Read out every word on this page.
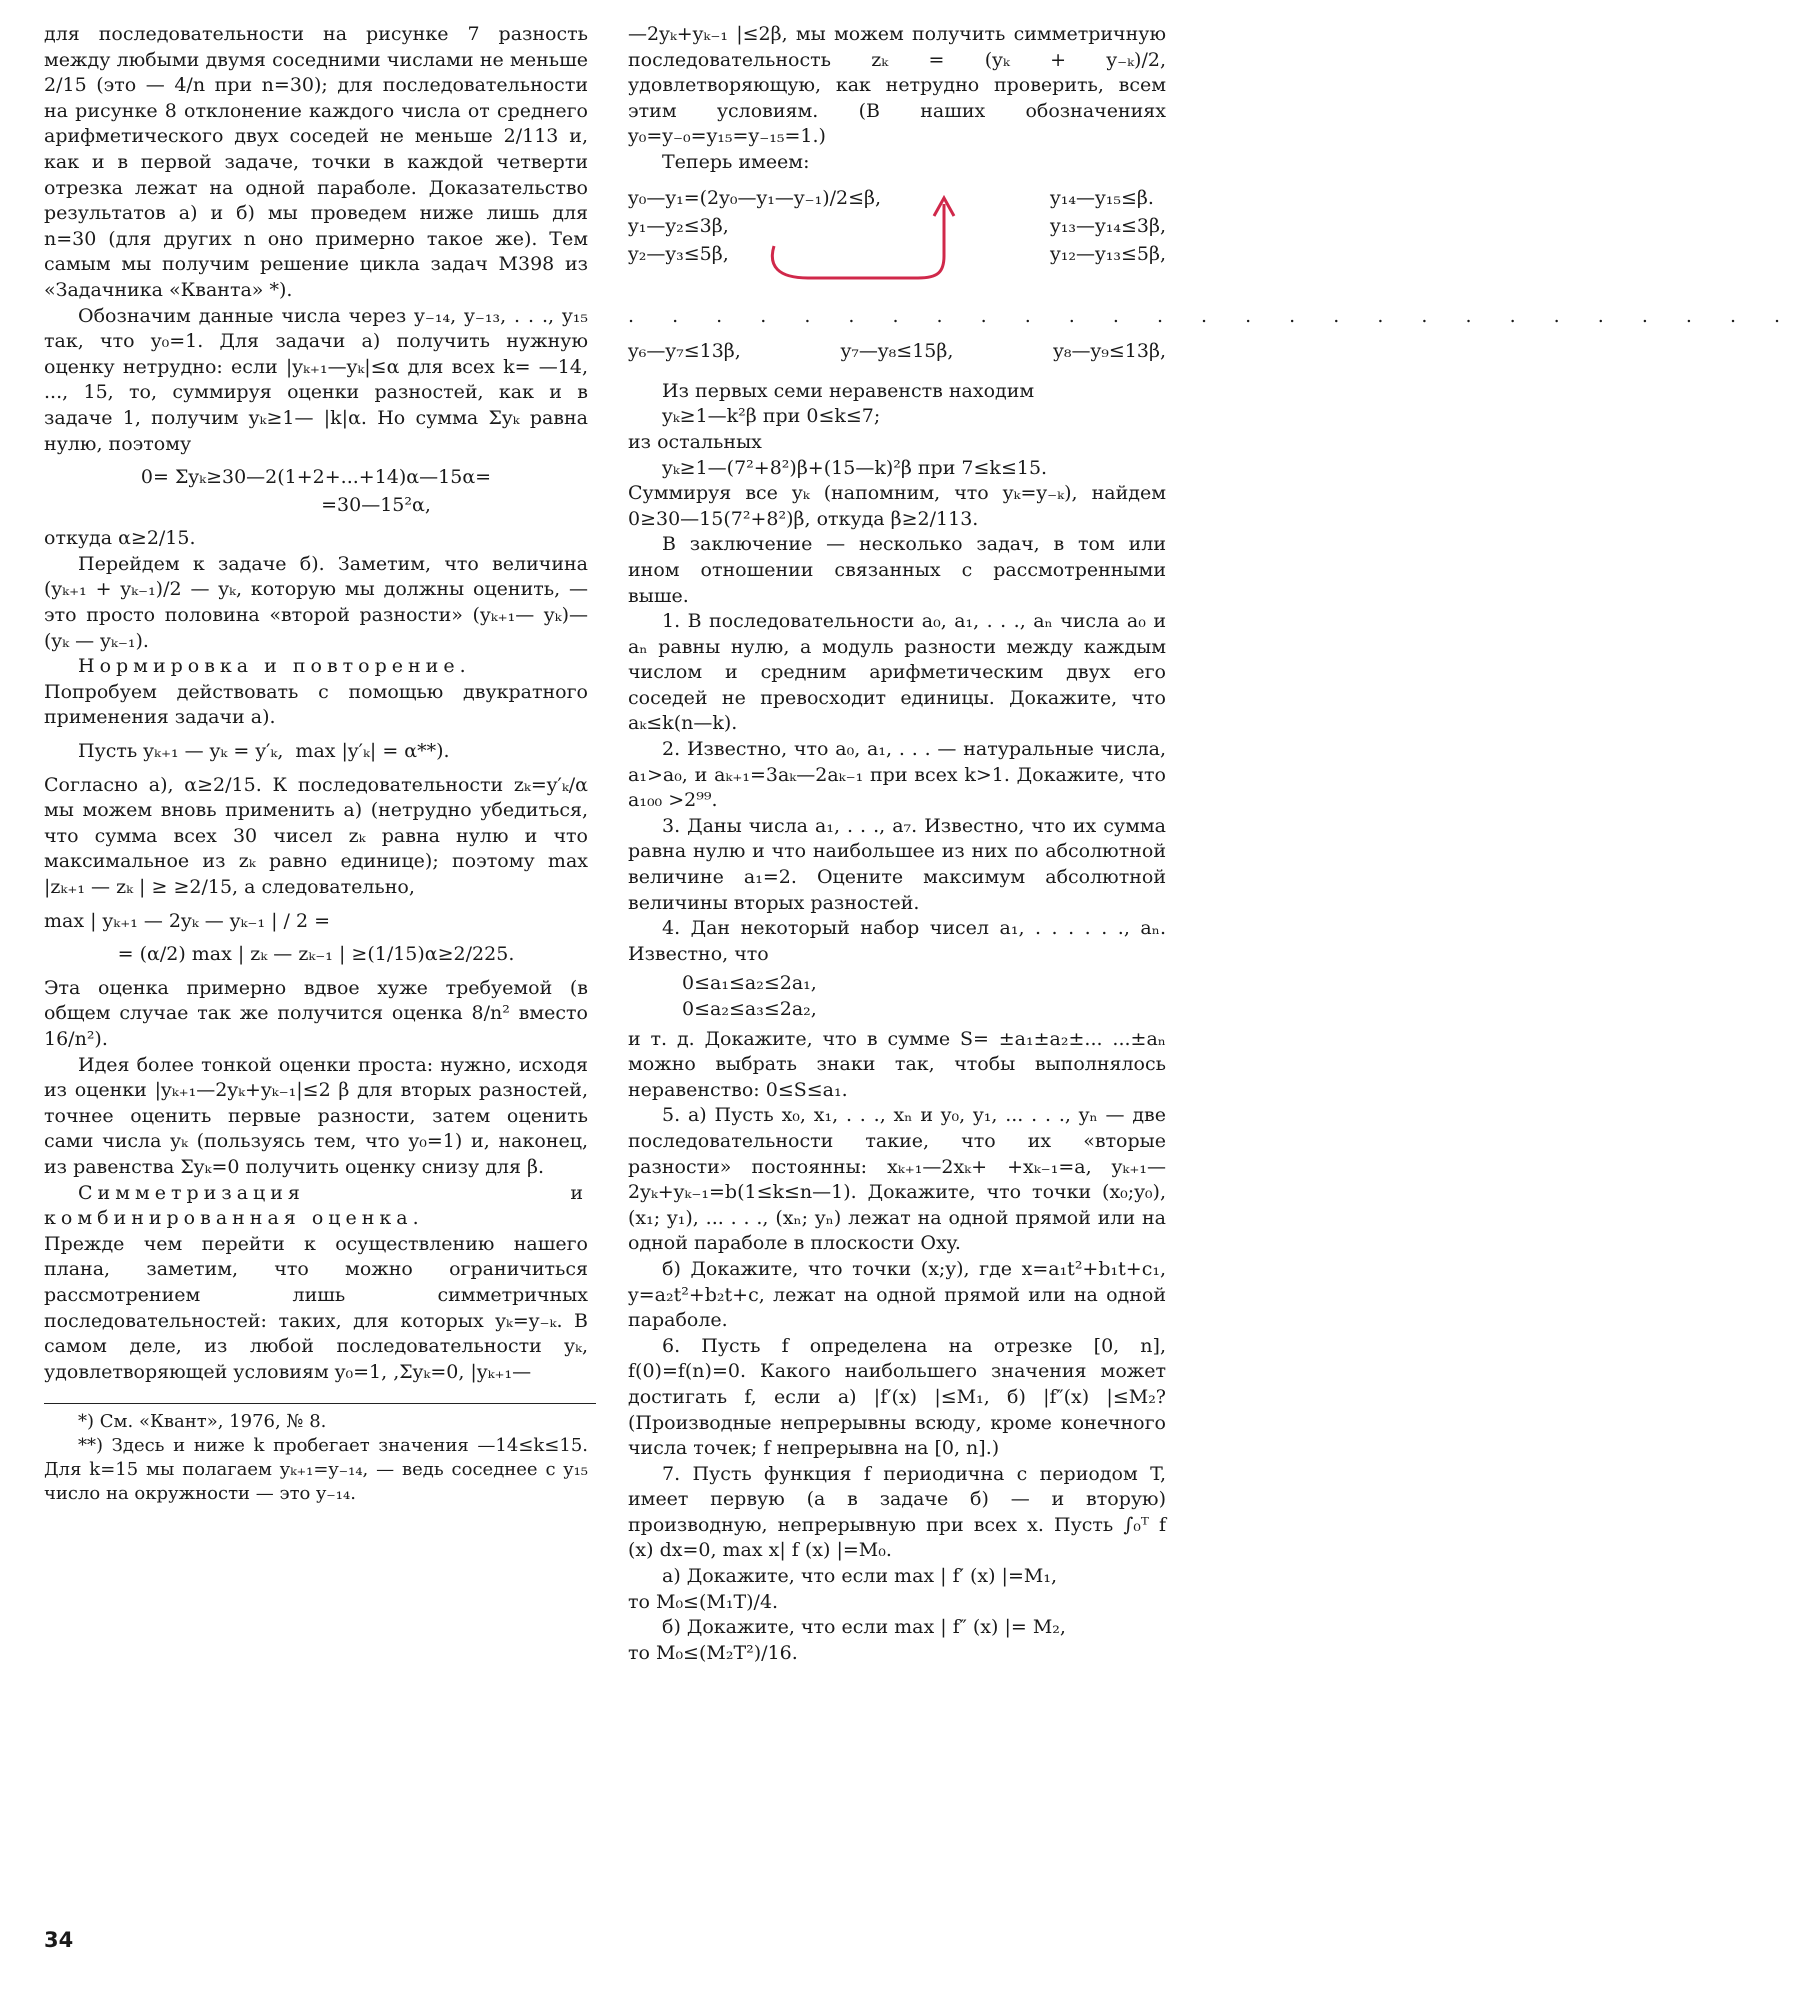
для последовательности на рисунке 7 разность между любыми двумя соседними числами не меньше 2/15 (это — 4/n при n=30); для последовательности на рисунке 8 отклонение каждого числа от среднего арифметического двух соседей не меньше 2/113 и, как и в первой задаче, точки в каждой четверти отрезка лежат на одной параболе. Доказательство результатов а) и б) мы проведем ниже лишь для n=30 (для других n оно примерно такое же). Тем самым мы получим решение цикла задач М398 из «Задачника «Кванта» *).

Обозначим данные числа через y₋₁₄, y₋₁₃, . . ., y₁₅ так, что y₀=1. Для задачи а) получить нужную оценку нетрудно: если |yₖ₊₁—yₖ|≤α для всех k= —14, ..., 15, то, суммируя оценки разностей, как и в задаче 1, получим yₖ≥1— |k|α. Но сумма Σyₖ равна нулю, поэтому

0= Σyₖ≥30—2(1+2+...+14)α—15α=
=30—15²α,

откуда α≥2/15.

Перейдем к задаче б). Заметим, что величина (yₖ₊₁ + yₖ₋₁)/2 — yₖ, которую мы должны оценить, — это просто половина «второй разности» (yₖ₊₁— yₖ)—(yₖ — yₖ₋₁).

Нормировка и повторение.

Попробуем действовать с помощью двукратного применения задачи а).

Пусть yₖ₊₁ — yₖ = y′ₖ,  max |y′ₖ| = α**).

Согласно а), α≥2/15. К последовательности zₖ=y′ₖ/α мы можем вновь применить а) (нетрудно убедиться, что сумма всех 30 чисел zₖ равна нулю и что максимальное из zₖ равно единице); поэтому max |zₖ₊₁ — zₖ | ≥ ≥2/15, а следовательно,

max | yₖ₊₁ — 2yₖ — yₖ₋₁ | / 2 =
= (α/2) max | zₖ — zₖ₋₁ | ≥(1/15)α≥2/225.

Эта оценка примерно вдвое хуже требуемой (в общем случае так же получится оценка 8/n² вместо 16/n²).

Идея более тонкой оценки проста: нужно, исходя из оценки |yₖ₊₁—2yₖ+yₖ₋₁|≤2 β для вторых разностей, точнее оценить первые разности, затем оценить сами числа yₖ (пользуясь тем, что y₀=1) и, наконец, из равенства Σyₖ=0 получить оценку снизу для β.

Симметризация и комбинированная оценка.

Прежде чем перейти к осуществлению нашего плана, заметим, что можно ограничиться рассмотрением лишь симметричных последовательностей: таких, для которых yₖ=y₋ₖ. В самом деле, из любой последовательности yₖ, удовлетворяющей условиям y₀=1, ,Σyₖ=0, |yₖ₊₁—

*) См. «Квант», 1976, № 8.

**) Здесь и ниже k пробегает значения —14≤k≤15. Для k=15 мы полагаем yₖ₊₁=y₋₁₄, — ведь соседнее с y₁₅ число на окружности — это y₋₁₄.

—2yₖ+yₖ₋₁ |≤2β, мы можем получить симметричную последовательность zₖ = (yₖ + y₋ₖ)/2, удовлетворяющую, как нетрудно проверить, всем этим условиям. (В наших обозначениях y₀=y₋₀=y₁₅=y₋₁₅=1.)

Теперь имеем:

y₀—y₁=(2y₀—y₁—y₋₁)/2≤β,
y₁—y₂≤3β,
y₂—y₃≤5β,
y₁₄—y₁₅≤β.
y₁₃—y₁₄≤3β,
y₁₂—y₁₃≤5β,
. . . . . . . . . . . . . . . . . . . . . . . . . . .
y₆—y₇≤13β,	y₇—y₈≤15β,	y₈—y₉≤13β,

Из первых семи неравенств находим

yₖ≥1—k²β при 0≤k≤7;

из остальных

yₖ≥1—(7²+8²)β+(15—k)²β при 7≤k≤15.

Суммируя все yₖ (напомним, что yₖ=y₋ₖ), найдем 0≥30—15(7²+8²)β, откуда β≥2/113.

В заключение — несколько задач, в том или ином отношении связанных с рассмотренными выше.

1. В последовательности a₀, a₁, . . ., aₙ числа a₀ и aₙ равны нулю, а модуль разности между каждым числом и средним арифметическим двух его соседей не превосходит единицы. Докажите, что aₖ≤k(n—k).

2. Известно, что a₀, a₁, . . . — натуральные числа, a₁>a₀, и aₖ₊₁=3aₖ—2aₖ₋₁ при всех k>1. Докажите, что a₁₀₀ >2⁹⁹.

3. Даны числа a₁, . . ., a₇. Известно, что их сумма равна нулю и что наибольшее из них по абсолютной величине a₁=2. Оцените максимум абсолютной величины вторых разностей.

4. Дан некоторый набор чисел a₁, . . . . . ., aₙ. Известно, что

0≤a₁≤a₂≤2a₁,
0≤a₂≤a₃≤2a₂,

и т. д. Докажите, что в сумме S= ±a₁±a₂±... ...±aₙ можно выбрать знаки так, чтобы выполнялось неравенство: 0≤S≤a₁.

5. а) Пусть x₀, x₁, . . ., xₙ и y₀, y₁, ... . . ., yₙ — две последовательности такие, что их «вторые разности» постоянны: xₖ₊₁—2xₖ+ +xₖ₋₁=a, yₖ₊₁—2yₖ+yₖ₋₁=b(1≤k≤n—1). Докажите, что точки (x₀;y₀), (x₁; y₁), ... . . ., (xₙ; yₙ) лежат на одной прямой или на одной параболе в плоскости Oxy.

б) Докажите, что точки (x;y), где x=a₁t²+b₁t+c₁, y=a₂t²+b₂t+c, лежат на одной прямой или на одной параболе.

6. Пусть f определена на отрезке [0, n], f(0)=f(n)=0. Какого наибольшего значения может достигать f, если а) |f′(x) |≤M₁, б) |f″(x) |≤M₂? (Производные непрерывны всюду, кроме конечного числа точек; f непрерывна на [0, n].)

7. Пусть функция f периодична с периодом T, имеет первую (а в задаче б) — и вторую) производную, непрерывную при всех x. Пусть ∫₀ᵀ f (x) dx=0, max x| f (x) |=M₀.

а) Докажите, что если max | f′ (x) |=M₁,

то M₀≤(M₁T)/4.

б) Докажите, что если max | f″ (x) |= M₂,

то M₀≤(M₂T²)/16.

34
